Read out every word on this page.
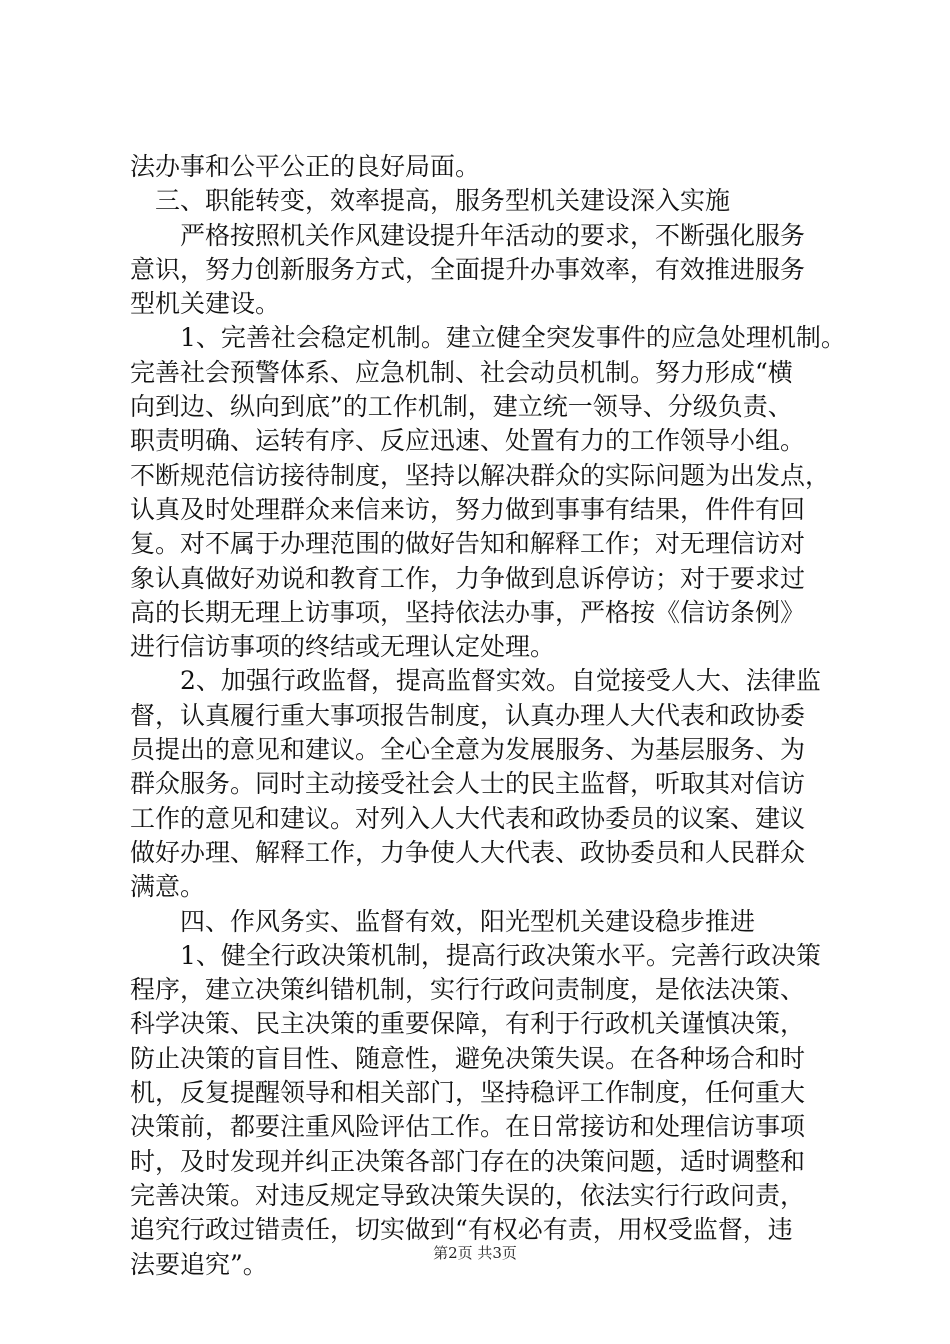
法办事和公平公正的良好局面。
　三、职能转变，效率提高，服务型机关建设深入实施
　　严格按照机关作风建设提升年活动的要求，不断强化服务
意识，努力创新服务方式，全面提升办事效率，有效推进服务
型机关建设。
　　1、完善社会稳定机制。建立健全突发事件的应急处理机制。
完善社会预警体系、应急机制、社会动员机制。努力形成“横
向到边、纵向到底”的工作机制，建立统一领导、分级负责、
职责明确、运转有序、反应迅速、处置有力的工作领导小组。
不断规范信访接待制度，坚持以解决群众的实际问题为出发点，
认真及时处理群众来信来访，努力做到事事有结果，件件有回
复。对不属于办理范围的做好告知和解释工作；对无理信访对
象认真做好劝说和教育工作，力争做到息诉停访；对于要求过
高的长期无理上访事项，坚持依法办事，严格按《信访条例》
进行信访事项的终结或无理认定处理。
　　2、加强行政监督，提高监督实效。自觉接受人大、法律监
督，认真履行重大事项报告制度，认真办理人大代表和政协委
员提出的意见和建议。全心全意为发展服务、为基层服务、为
群众服务。同时主动接受社会人士的民主监督，听取其对信访
工作的意见和建议。对列入人大代表和政协委员的议案、建议
做好办理、解释工作，力争使人大代表、政协委员和人民群众
满意。
　　四、作风务实、监督有效，阳光型机关建设稳步推进
　　1、健全行政决策机制，提高行政决策水平。完善行政决策
程序，建立决策纠错机制，实行行政问责制度，是依法决策、
科学决策、民主决策的重要保障，有利于行政机关谨慎决策，
防止决策的盲目性、随意性，避免决策失误。在各种场合和时
机，反复提醒领导和相关部门，坚持稳评工作制度，任何重大
决策前，都要注重风险评估工作。在日常接访和处理信访事项
时，及时发现并纠正决策各部门存在的决策问题，适时调整和
完善决策。对违反规定导致决策失误的，依法实行行政问责，
追究行政过错责任，切实做到“有权必有责，用权受监督，违
法要追究”。	第2页 共3页
